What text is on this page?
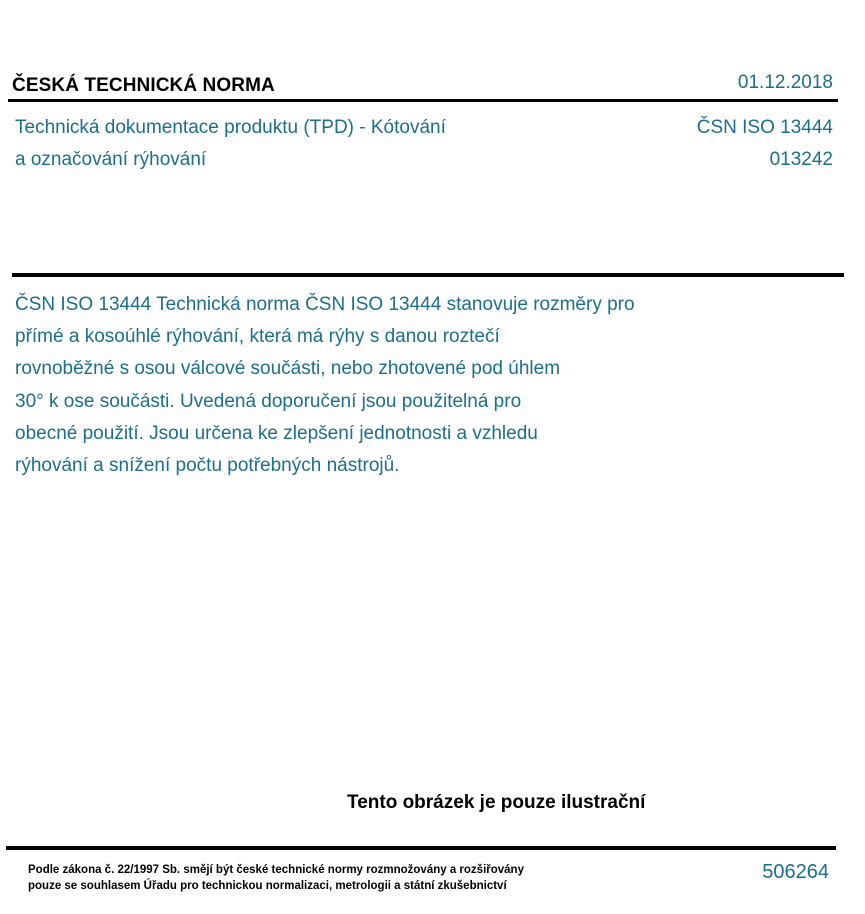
ČESKÁ TECHNICKÁ NORMA	01.12.2018
Technická dokumentace produktu (TPD) - Kótování
a označování rýhování
ČSN ISO 13444
013242
ČSN ISO 13444 Technická norma ČSN ISO 13444 stanovuje rozměry pro
přímé a kosoúhlé rýhování, která má rýhy s danou roztečí
rovnoběžné s osou válcové součásti, nebo zhotovené pod úhlem
30° k ose součásti. Uvedená doporučení jsou použitelná pro
obecné použití. Jsou určena ke zlepšení jednotnosti a vzhledu
rýhování a snížení počtu potřebných nástrojů.
Tento obrázek je pouze ilustrační
Podle zákona č. 22/1997 Sb. smějí být české technické normy rozmnožovány a rozšiřovány
pouze se souhlasem Úřadu pro technickou normalizaci, metrologii a státní zkušebnictví
506264
